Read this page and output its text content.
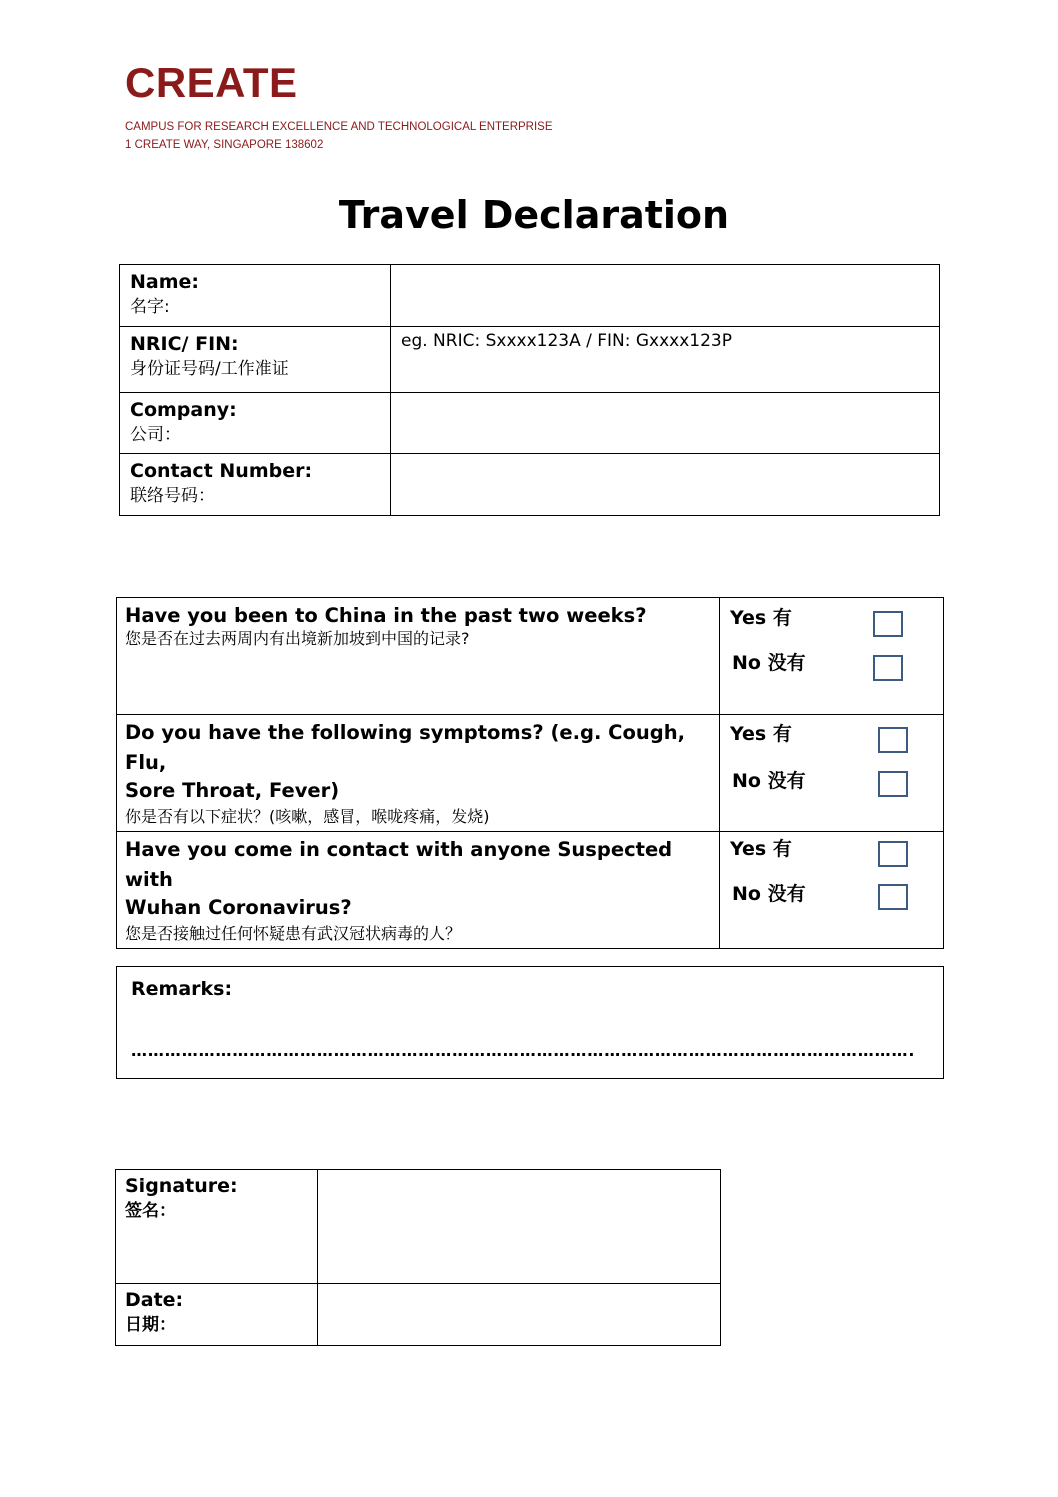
CREATE
CAMPUS FOR RESEARCH EXCELLENCE AND TECHNOLOGICAL ENTERPRISE
1 CREATE WAY, SINGAPORE 138602
Travel Declaration
Name:
名字:	

NRIC/ FIN:
身份证号码/工作准证	eg. NRIC: Sxxxx123A / FIN: Gxxxx123P

Company:
公司：	

Contact Number:
联络号码：	

Have you been to China in the past two weeks?
您是否在过去两周内有出境新加坡到中国的记录?	Yes 有
No 没有

Do you have the following symptoms? (e.g. Cough, Flu,
Sore Throat, Fever)
你是否有以下症状？(咳嗽，感冒，喉咙疼痛，发烧)	Yes 有
No 没有

Have you come in contact with anyone Suspected with
Wuhan Coronavirus?
您是否接触过任何怀疑患有武汉冠状病毒的人？	Yes 有
No 没有
Remarks:
………………………………………………………………………………………………………………………….
Signature:
签名：	

Date:
日期：	
